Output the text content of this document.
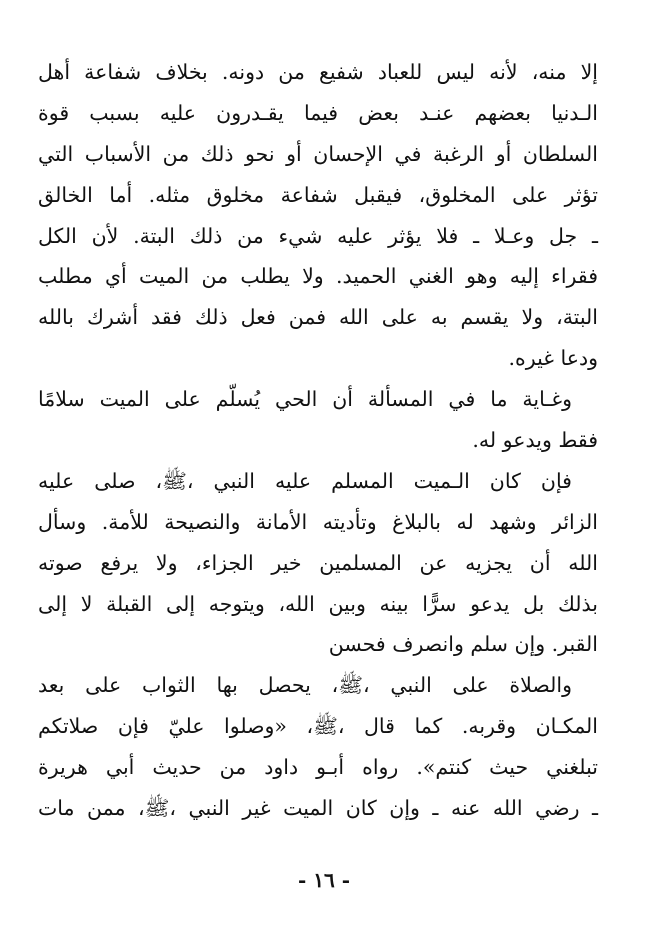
إلا منه، لأنه ليس للعباد شفيع من دونه. بخلاف شفاعة أهل
الـدنيا بعضهم عنـد بعض فيما يقـدرون عليه بسبب قوة
السلطان أو الرغبة في الإحسان أو نحو ذلك من الأسباب التي
تؤثر على المخلوق، فيقبل شفاعة مخلوق مثله. أما الخالق
ـ جل وعـلا ـ فلا يؤثر عليه شيء من ذلك البتة. لأن الكل
فقراء إليه وهو الغني الحميد. ولا يطلب من الميت أي مطلب
البتة، ولا يقسم به على الله فمن فعل ذلك فقد أشرك بالله
ودعا غيره.
وغـاية ما في المسألة أن الحي يُسلّم على الميت سلامًا
فقط ويدعو له.
فإن كان الـميت المسلم عليه النبي ،ﷺ، صلى عليه
الزائر وشهد له بالبلاغ وتأديته الأمانة والنصيحة للأمة. وسأل
الله أن يجزيه عن المسلمين خير الجزاء، ولا يرفع صوته
بذلك بل يدعو سرًّا بينه وبين الله، ويتوجه إلى القبلة لا إلى
القبر. وإن سلم وانصرف فحسن
والصلاة على النبي ،ﷺ، يحصل بها الثواب على بعد
المكـان وقربه. كما قال ،ﷺ، «وصلوا عليّ فإن صلاتكم
تبلغني حيث كنتم». رواه أبـو داود من حديث أبي هريرة
ـ رضي الله عنه ـ وإن كان الميت غير النبي ،ﷺ، ممن مات
- ١٦ -
